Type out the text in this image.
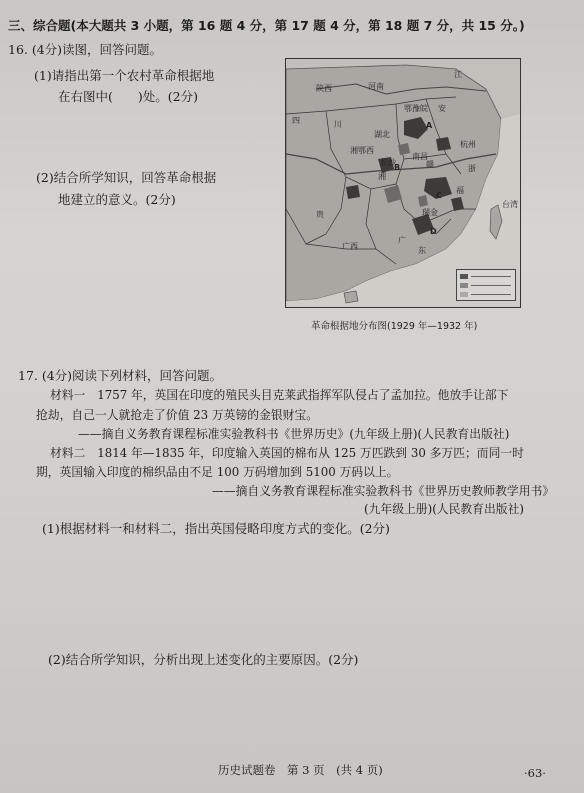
三、综合题(本大题共 3 小题，第 16 题 4 分，第 17 题 4 分，第 18 题 7 分，共 15 分。)
16. (4分)读图，回答问题。
(1)请指出第一个农村革命根据地
在右图中(　　)处。(2分)
(2)结合所学知识，回答革命根据
地建立的意义。(2分)
陕西	河南
江
四	川
鄂豫皖 安
湖北
湘鄂西
杭州
湘
赣	浙
长沙
南昌
瑞金
福
贵
广西
广
东
台湾
A
B
C
D
革命根据地分布图(1929 年—1932 年)
17. (4分)阅读下列材料，回答问题。
材料一　1757 年，英国在印度的殖民头目克莱武指挥军队侵占了孟加拉。他放手让部下
抢劫，自己一人就抢走了价值 23 万英镑的金银财宝。
——摘自义务教育课程标准实验教科书《世界历史》(九年级上册)(人民教育出版社)
材料二　1814 年—1835 年，印度输入英国的棉布从 125 万匹跌到 30 多万匹；而同一时
期，英国输入印度的棉织品由不足 100 万码增加到 5100 万码以上。
——摘自义务教育课程标准实验教科书《世界历史教师教学用书》
(九年级上册)(人民教育出版社)
(1)根据材料一和材料二，指出英国侵略印度方式的变化。(2分)
(2)结合所学知识，分析出现上述变化的主要原因。(2分)
历史试题卷　第 3 页　(共 4 页)	·63·
